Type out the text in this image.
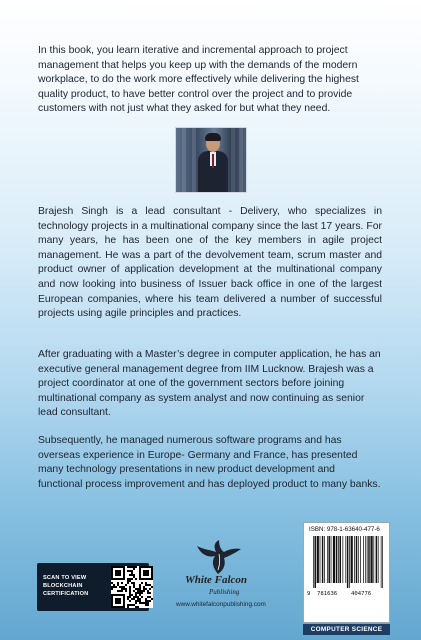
In this book, you learn iterative and incremental approach to project management that helps you keep up with the demands of the modern workplace, to do the work more effectively while delivering the highest quality product, to have better control over the project and to provide customers with not just what they asked for but what they need.

Brajesh Singh is a lead consultant - Delivery, who specializes in technology projects in a multinational company since the last 17 years. For many years, he has been one of the key members in agile project management. He was a part of the devolvement team, scrum master and product owner of application development at the multinational company and now looking into business of Issuer back office in one of the largest European companies, where his team delivered a number of successful projects using agile principles and practices.

After graduating with a Master’s degree in computer application, he has an executive general management degree from IIM Lucknow. Brajesh was a project coordinator at one of the government sectors before joining multinational company as system analyst and now continuing as senior lead consultant.

Subsequently, he managed numerous software programs and has overseas experience in Europe- Germany and France, has presented many technology presentations in new product development and functional process improvement and has deployed product to many banks.

SCAN TO VIEW
BLOCKCHAIN
CERTIFICATION
White Falcon
Publishing
www.whitefalconpublishing.com
ISBN: 978-1-63640-477-6
9 781636 404776
COMPUTER SCIENCE
